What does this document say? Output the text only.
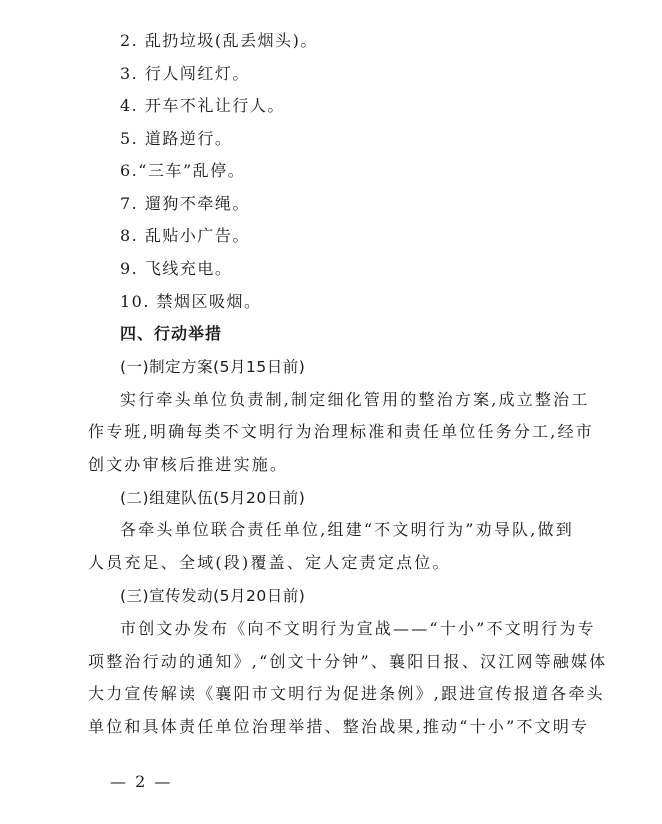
2. 乱扔垃圾(乱丢烟头)。
3. 行人闯红灯。
4. 开车不礼让行人。
5. 道路逆行。
6.“三车”乱停。
7. 遛狗不牵绳。
8. 乱贴小广告。
9. 飞线充电。
10. 禁烟区吸烟。
四、行动举措
(一)制定方案(5月15日前)
实行牵头单位负责制,制定细化管用的整治方案,成立整治工
作专班,明确每类不文明行为治理标准和责任单位任务分工,经市
创文办审核后推进实施。
(二)组建队伍(5月20日前)
各牵头单位联合责任单位,组建“不文明行为”劝导队,做到
人员充足、全域(段)覆盖、定人定责定点位。
(三)宣传发动(5月20日前)
市创文办发布《向不文明行为宣战——“十小”不文明行为专
项整治行动的通知》,“创文十分钟”、襄阳日报、汉江网等融媒体
大力宣传解读《襄阳市文明行为促进条例》,跟进宣传报道各牵头
单位和具体责任单位治理举措、整治战果,推动“十小”不文明专
— 2 —
